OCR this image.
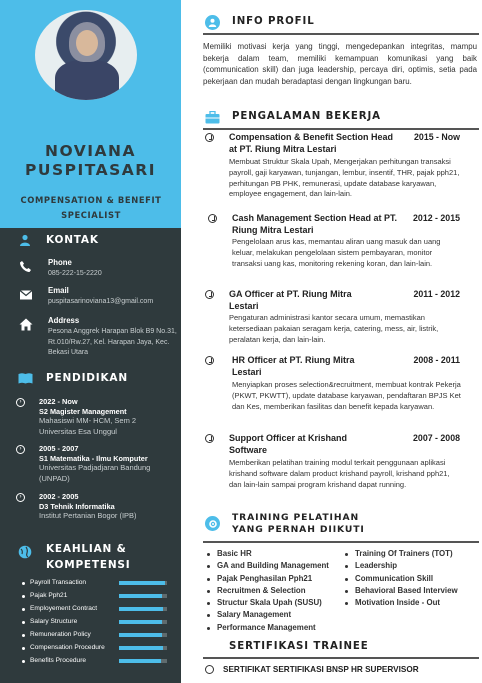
NOVIANA
PUSPITASARI
COMPENSATION & BENEFIT
SPECIALIST
KONTAK
Phone
085-222-15-2220
Email
puspitasarinoviana13@gmail.com
Address
Pesona Anggrek Harapan Blok B9 No.31, Rt.010/Rw.27, Kel. Harapan Jaya, Kec. Bekasi Utara
PENDIDIKAN
›	2022 - Now
S2 Magister Management
Mahasiswi MM- HCM, Sem 2 Universitas Esa Unggul
›	2005 - 2007
S1 Matematika - Ilmu Komputer
Universitas Padjadjaran Bandung (UNPAD)
›	2002 - 2005
D3 Tehnik Informatika
Institut Pertanian Bogor (IPB)
KEAHLIAN &
KOMPETENSI
Payroll Transaction
Pajak Pph21
Employement Contract
Salary Structure
Remuneration Policy
Compensation Procedure
Benefits Procedure
INFO PROFIL
Memiliki motivasi kerja yang tinggi, mengedepankan integritas, mampu bekerja dalam team, memiliki kemampuan komunikasi yang baik (communication skill) dan juga leadership, percaya diri, optimis, setia pada pekerjaan dan mudah beradaptasi dengan lingkungan baru.
PENGALAMAN BEKERJA
Compensation & Benefit Section Head at PT. Riung Mitra Lestari
2015 - Now
Membuat Struktur Skala Upah, Mengerjakan perhitungan transaksi payroll, gaji karyawan, tunjangan, lembur, insentif, THR, pajak pph21, perhitungan PB PHK, remunerasi, update database karyawan, employee engagement, dan lain-lain.
Cash Management Section Head at PT. Riung Mitra Lestari
2012 - 2015
Pengelolaan arus kas, memantau aliran uang masuk dan uang keluar, melakukan pengelolaan sistem pembayaran, monitor transaksi uang kas, monitoring rekening koran, dan lain-lain.
GA Officer at PT. Riung Mitra Lestari
2011 - 2012
Pengaturan administrasi kantor secara umum, memastikan ketersediaan pakaian seragam kerja, catering, mess, air, listrik, peralatan kerja, dan lain-lain.
HR Officer at PT. Riung Mitra Lestari
2008 - 2011
Menyiapkan proses selection&recruitment, membuat kontrak Pekerja (PKWT, PKWTT), update database karyawan, pendaftaran BPJS Ket dan Kes, memberikan fasilitas dan benefit kepada karyawan.
Support Officer at Krishand Software
2007 - 2008
Memberikan pelatihan training modul terkait penggunaan aplikasi krishand software dalam product krishand payroll, krishand pph21, dan lain-lain sampai program krishand dapat running.
TRAINING PELATIHAN
YANG PERNAH DIIKUTI
Basic HR
GA and Building Management
Pajak Penghasilan Pph21
Recruitmen & Selection
Structur Skala Upah (SUSU)
Salary Management
Performance Management
Training Of Trainers (TOT)
Leadership
Communication Skill
Behavioral Based Interview
Motivation Inside - Out
SERTIFIKASI TRAINEE
SERTIFIKAT SERTIFIKASI BNSP HR SUPERVISOR
